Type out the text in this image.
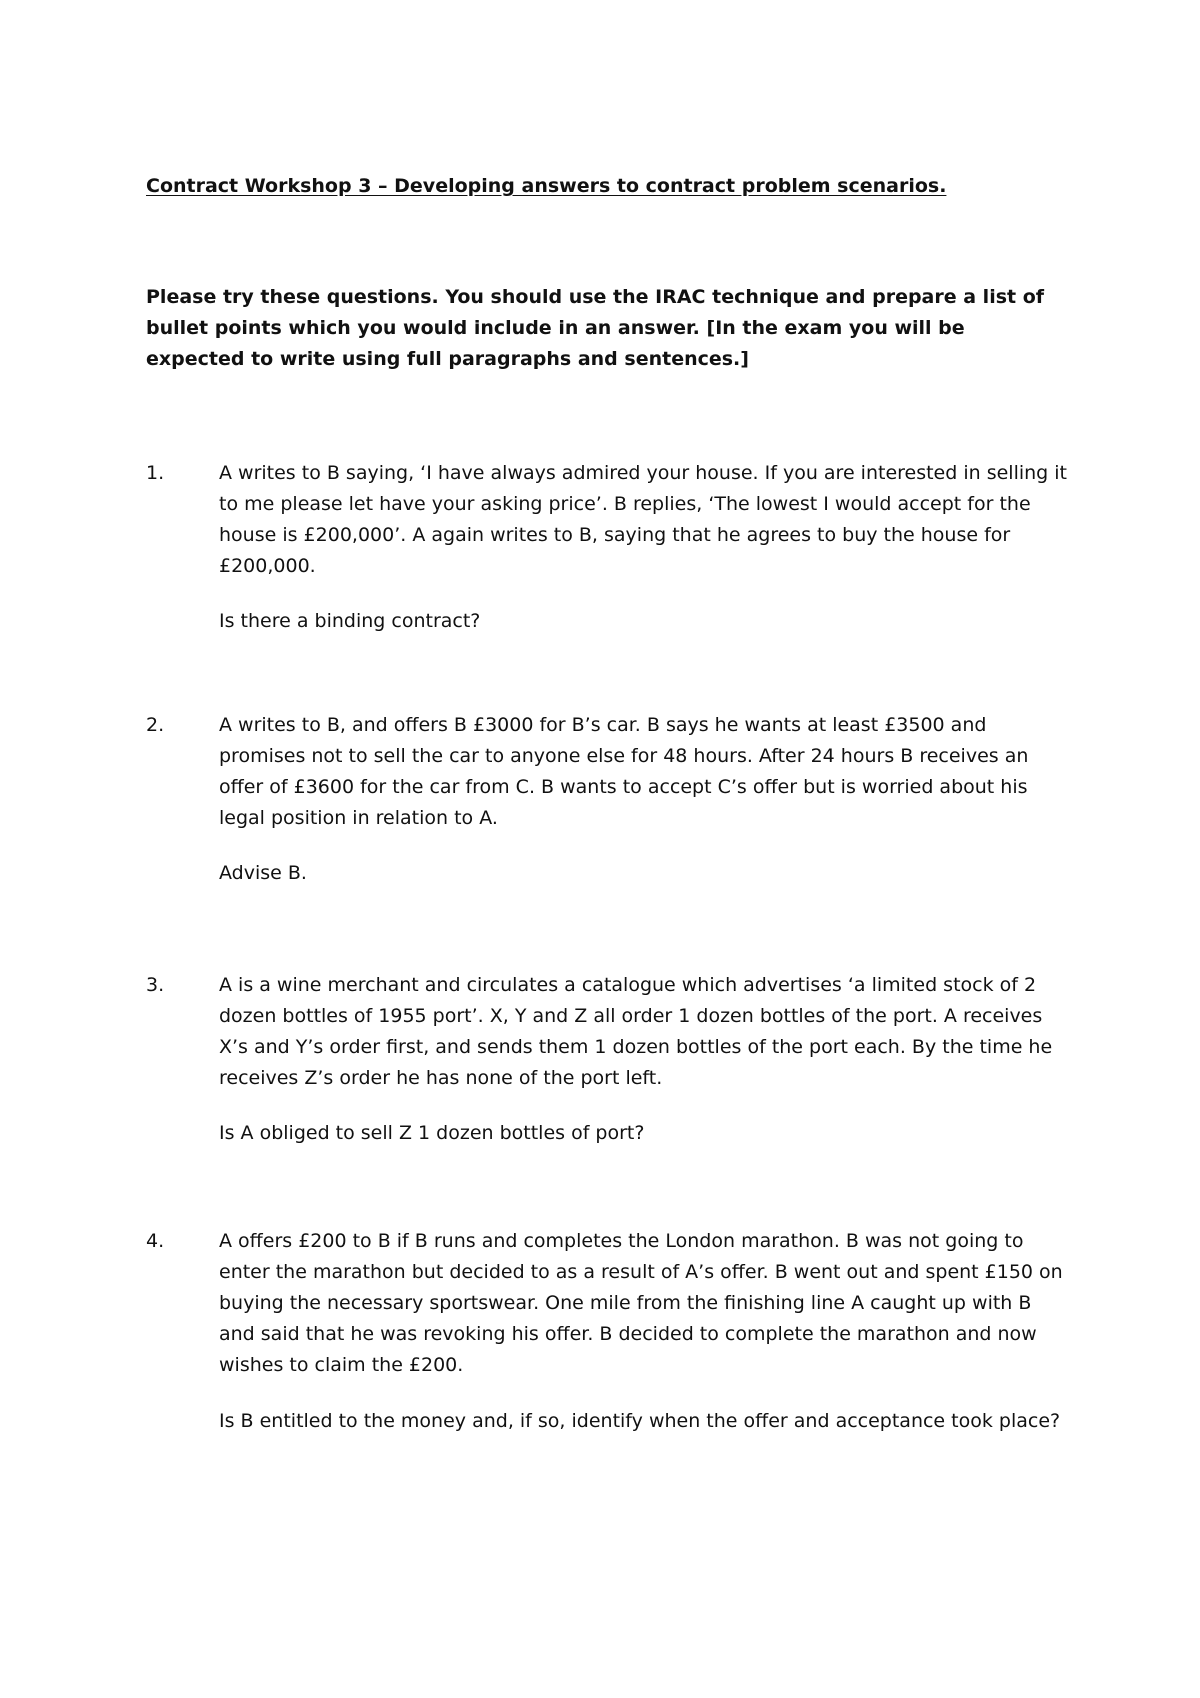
Contract Workshop 3 – Developing answers to contract problem scenarios.

Please try these questions. You should use the IRAC technique and prepare a list of bullet points which you would include in an answer. [In the exam you will be expected to write using full paragraphs and sentences.]

1.	A writes to B saying, ‘I have always admired your house. If you are interested in selling it to me please let have your asking price’. B replies, ‘The lowest I would accept for the house is £200,000’. A again writes to B, saying that he agrees to buy the house for £200,000.

Is there a binding contract?

2.	A writes to B, and offers B £3000 for B’s car. B says he wants at least £3500 and promises not to sell the car to anyone else for 48 hours. After 24 hours B receives an offer of £3600 for the car from C. B wants to accept C’s offer but is worried about his legal position in relation to A.

Advise B.

3.	A is a wine merchant and circulates a catalogue which advertises ‘a limited stock of 2 dozen bottles of 1955 port’. X, Y and Z all order 1 dozen bottles of the port. A receives X’s and Y’s order first, and sends them 1 dozen bottles of the port each. By the time he receives Z’s order he has none of the port left.

Is A obliged to sell Z 1 dozen bottles of port?

4.	A offers £200 to B if B runs and completes the London marathon. B was not going to enter the marathon but decided to as a result of A’s offer. B went out and spent £150 on buying the necessary sportswear. One mile from the finishing line A caught up with B and said that he was revoking his offer. B decided to complete the marathon and now wishes to claim the £200.

Is B entitled to the money and, if so, identify when the offer and acceptance took place?
